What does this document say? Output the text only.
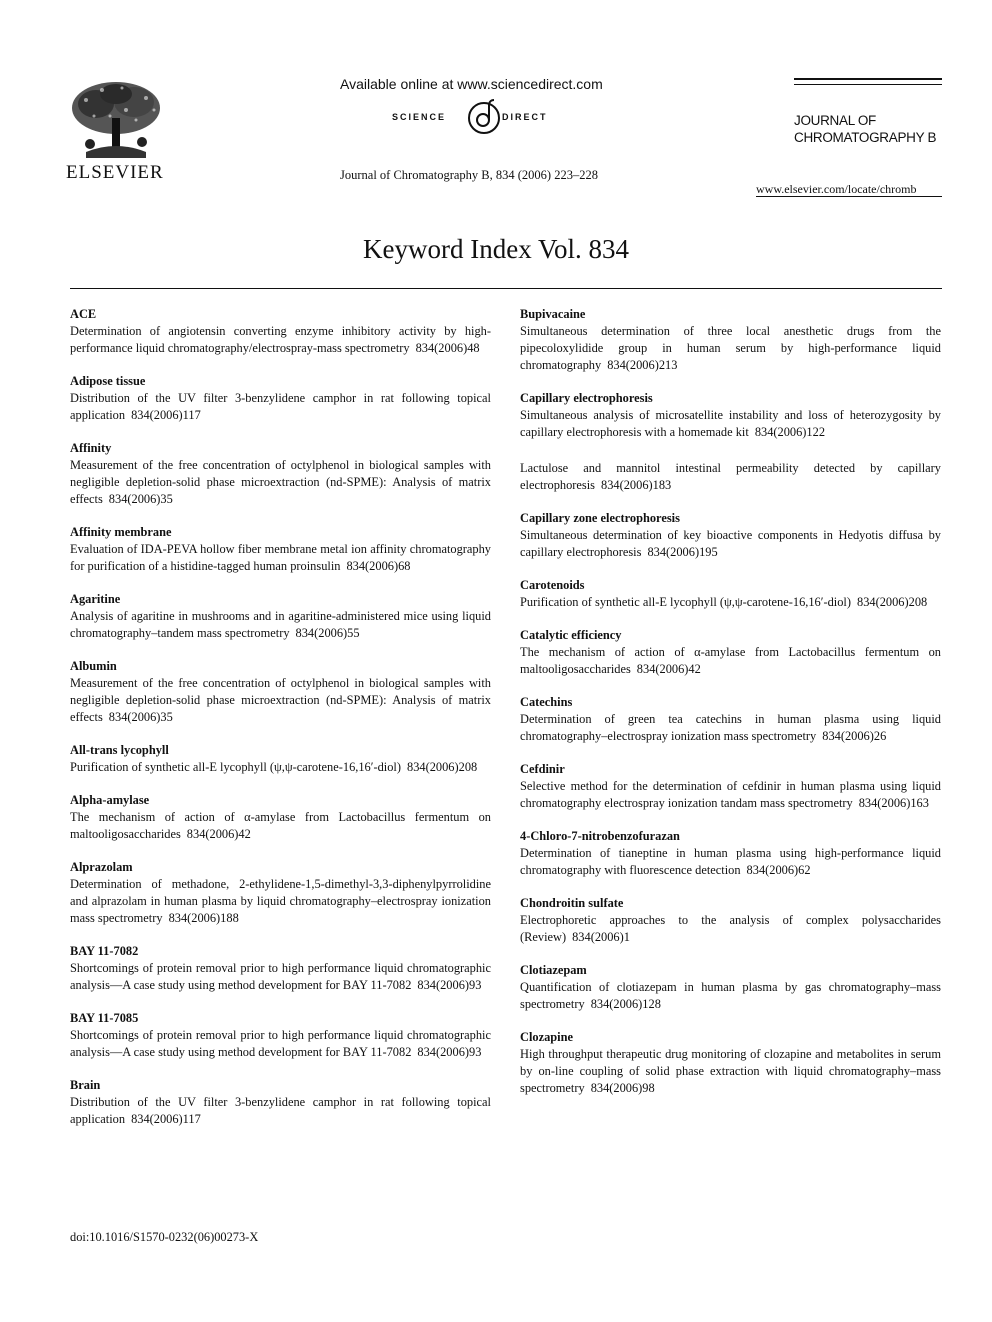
ELSEVIER
Available online at www.sciencedirect.com
SCIENCE	DIRECT
Journal of Chromatography B, 834 (2006) 223–228
JOURNAL OF
CHROMATOGRAPHY B
www.elsevier.com/locate/chromb
Keyword Index Vol. 834

ACE

Determination of angiotensin converting enzyme inhibitory activity by high-performance liquid chromatography/electrospray-mass spectrometry 834(2006)48

Adipose tissue

Distribution of the UV filter 3-benzylidene camphor in rat following topical application 834(2006)117

Affinity

Measurement of the free concentration of octylphenol in biological samples with negligible depletion-solid phase microextraction (nd-SPME): Analysis of matrix effects 834(2006)35

Affinity membrane

Evaluation of IDA-PEVA hollow fiber membrane metal ion affinity chromatography for purification of a histidine-tagged human proinsulin 834(2006)68

Agaritine

Analysis of agaritine in mushrooms and in agaritine-administered mice using liquid chromatography–tandem mass spectrometry 834(2006)55

Albumin

Measurement of the free concentration of octylphenol in biological samples with negligible depletion-solid phase microextraction (nd-SPME): Analysis of matrix effects 834(2006)35

All-trans lycophyll

Purification of synthetic all-E lycophyll (ψ,ψ-carotene-16,16′-diol) 834(2006)208

Alpha-amylase

The mechanism of action of α-amylase from Lactobacillus fermentum on maltooligosaccharides 834(2006)42

Alprazolam

Determination of methadone, 2-ethylidene-1,5-dimethyl-3,3-diphenylpyrrolidine and alprazolam in human plasma by liquid chromatography–electrospray ionization mass spectrometry 834(2006)188

BAY 11-7082

Shortcomings of protein removal prior to high performance liquid chromatographic analysis—A case study using method development for BAY 11-7082 834(2006)93

BAY 11-7085

Shortcomings of protein removal prior to high performance liquid chromatographic analysis—A case study using method development for BAY 11-7082 834(2006)93

Brain

Distribution of the UV filter 3-benzylidene camphor in rat following topical application 834(2006)117

Bupivacaine

Simultaneous determination of three local anesthetic drugs from the pipecoloxylidide group in human serum by high-performance liquid chromatography 834(2006)213

Capillary electrophoresis

Simultaneous analysis of microsatellite instability and loss of heterozygosity by capillary electrophoresis with a homemade kit 834(2006)122

Lactulose and mannitol intestinal permeability detected by capillary electrophoresis 834(2006)183

Capillary zone electrophoresis

Simultaneous determination of key bioactive components in Hedyotis diffusa by capillary electrophoresis 834(2006)195

Carotenoids

Purification of synthetic all-E lycophyll (ψ,ψ-carotene-16,16′-diol) 834(2006)208

Catalytic efficiency

The mechanism of action of α-amylase from Lactobacillus fermentum on maltooligosaccharides 834(2006)42

Catechins

Determination of green tea catechins in human plasma using liquid chromatography–electrospray ionization mass spectrometry 834(2006)26

Cefdinir

Selective method for the determination of cefdinir in human plasma using liquid chromatography electrospray ionization tandam mass spectrometry 834(2006)163

4-Chloro-7-nitrobenzofurazan

Determination of tianeptine in human plasma using high-performance liquid chromatography with fluorescence detection 834(2006)62

Chondroitin sulfate

Electrophoretic approaches to the analysis of complex polysaccharides (Review) 834(2006)1

Clotiazepam

Quantification of clotiazepam in human plasma by gas chromatography–mass spectrometry 834(2006)128

Clozapine

High throughput therapeutic drug monitoring of clozapine and metabolites in serum by on-line coupling of solid phase extraction with liquid chromatography–mass spectrometry 834(2006)98

doi:10.1016/S1570-0232(06)00273-X
